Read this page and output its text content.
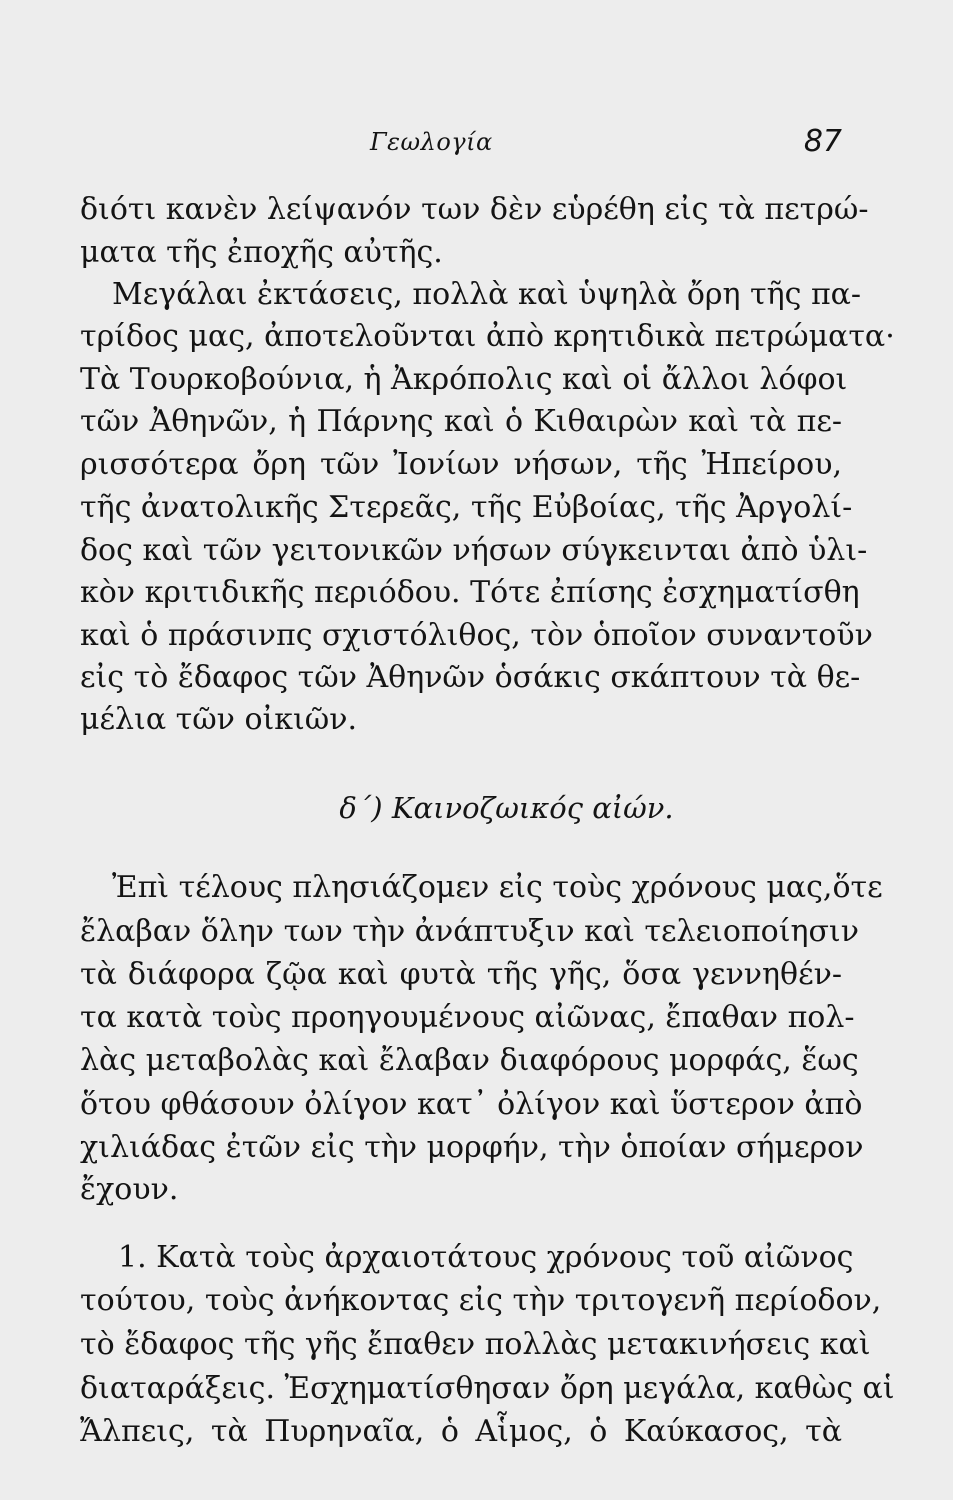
Γεωλογία	87
διότι κανὲν λείψανόν των δὲν εὑρέθη εἰς τὰ πετρώ-
ματα τῆς ἐποχῆς αὐτῆς.
Μεγάλαι ἐκτάσεις, πολλὰ καὶ ὑψηλὰ ὄρη τῆς πα-
τρίδος μας, ἀποτελοῦνται ἀπὸ κρητιδικὰ πετρώματα·
Τὰ Τουρκοβούνια, ἡ Ἀκρόπολις καὶ οἱ ἄλλοι λόφοι
τῶν Ἀθηνῶν, ἡ Πάρνης καὶ ὁ Κιθαιρὼν καὶ τὰ πε-
ρισσότερα ὄρη τῶν Ἰονίων νήσων, τῆς Ἠπείρου,
τῆς ἀνατολικῆς Στερεᾶς, τῆς Εὐβοίας, τῆς Ἀργολί-
δος καὶ τῶν γειτονικῶν νήσων σύγκεινται ἀπὸ ὑλι-
κὸν κριτιδικῆς περιόδου. Τότε ἐπίσης ἐσχηματίσθη
καὶ ὁ πράσινπς σχιστόλιθος, τὸν ὁποῖον συναντοῦν
εἰς τὸ ἔδαφος τῶν Ἀθηνῶν ὁσάκις σκάπτουν τὰ θε-
μέλια τῶν οἰκιῶν.
δ΄) Καινοζωικός αἰών.
Ἐπὶ τέλους πλησιάζομεν εἰς τοὺς χρόνους μας,ὅτε
ἔλαβαν ὅλην των τὴν ἀνάπτυξιν καὶ τελειοποίησιν
τὰ διάφορα ζῷα καὶ φυτὰ τῆς γῆς, ὅσα γεννηθέν-
τα κατὰ τοὺς προηγουμένους αἰῶνας, ἔπαθαν πολ-
λὰς μεταβολὰς καὶ ἔλαβαν διαφόρους μορφάς, ἕως
ὅτου φθάσουν ὀλίγον κατ᾿ ὀλίγον καὶ ὕστερον ἀπὸ
χιλιάδας ἐτῶν εἰς τὴν μορφήν, τὴν ὁποίαν σήμερον
ἔχουν.
1. Κατὰ τοὺς ἀρχαιοτάτους χρόνους τοῦ αἰῶνος
τούτου, τοὺς ἀνήκοντας εἰς τὴν τριτογενῆ περίοδον,
τὸ ἔδαφος τῆς γῆς ἔπαθεν πολλὰς μετακινήσεις καὶ
διαταράξεις. Ἐσχηματίσθησαν ὄρη μεγάλα, καθὼς αἱ
Ἄλπεις, τὰ Πυρηναῖα, ὁ Αἷμος, ὁ Καύκασος, τὰ
